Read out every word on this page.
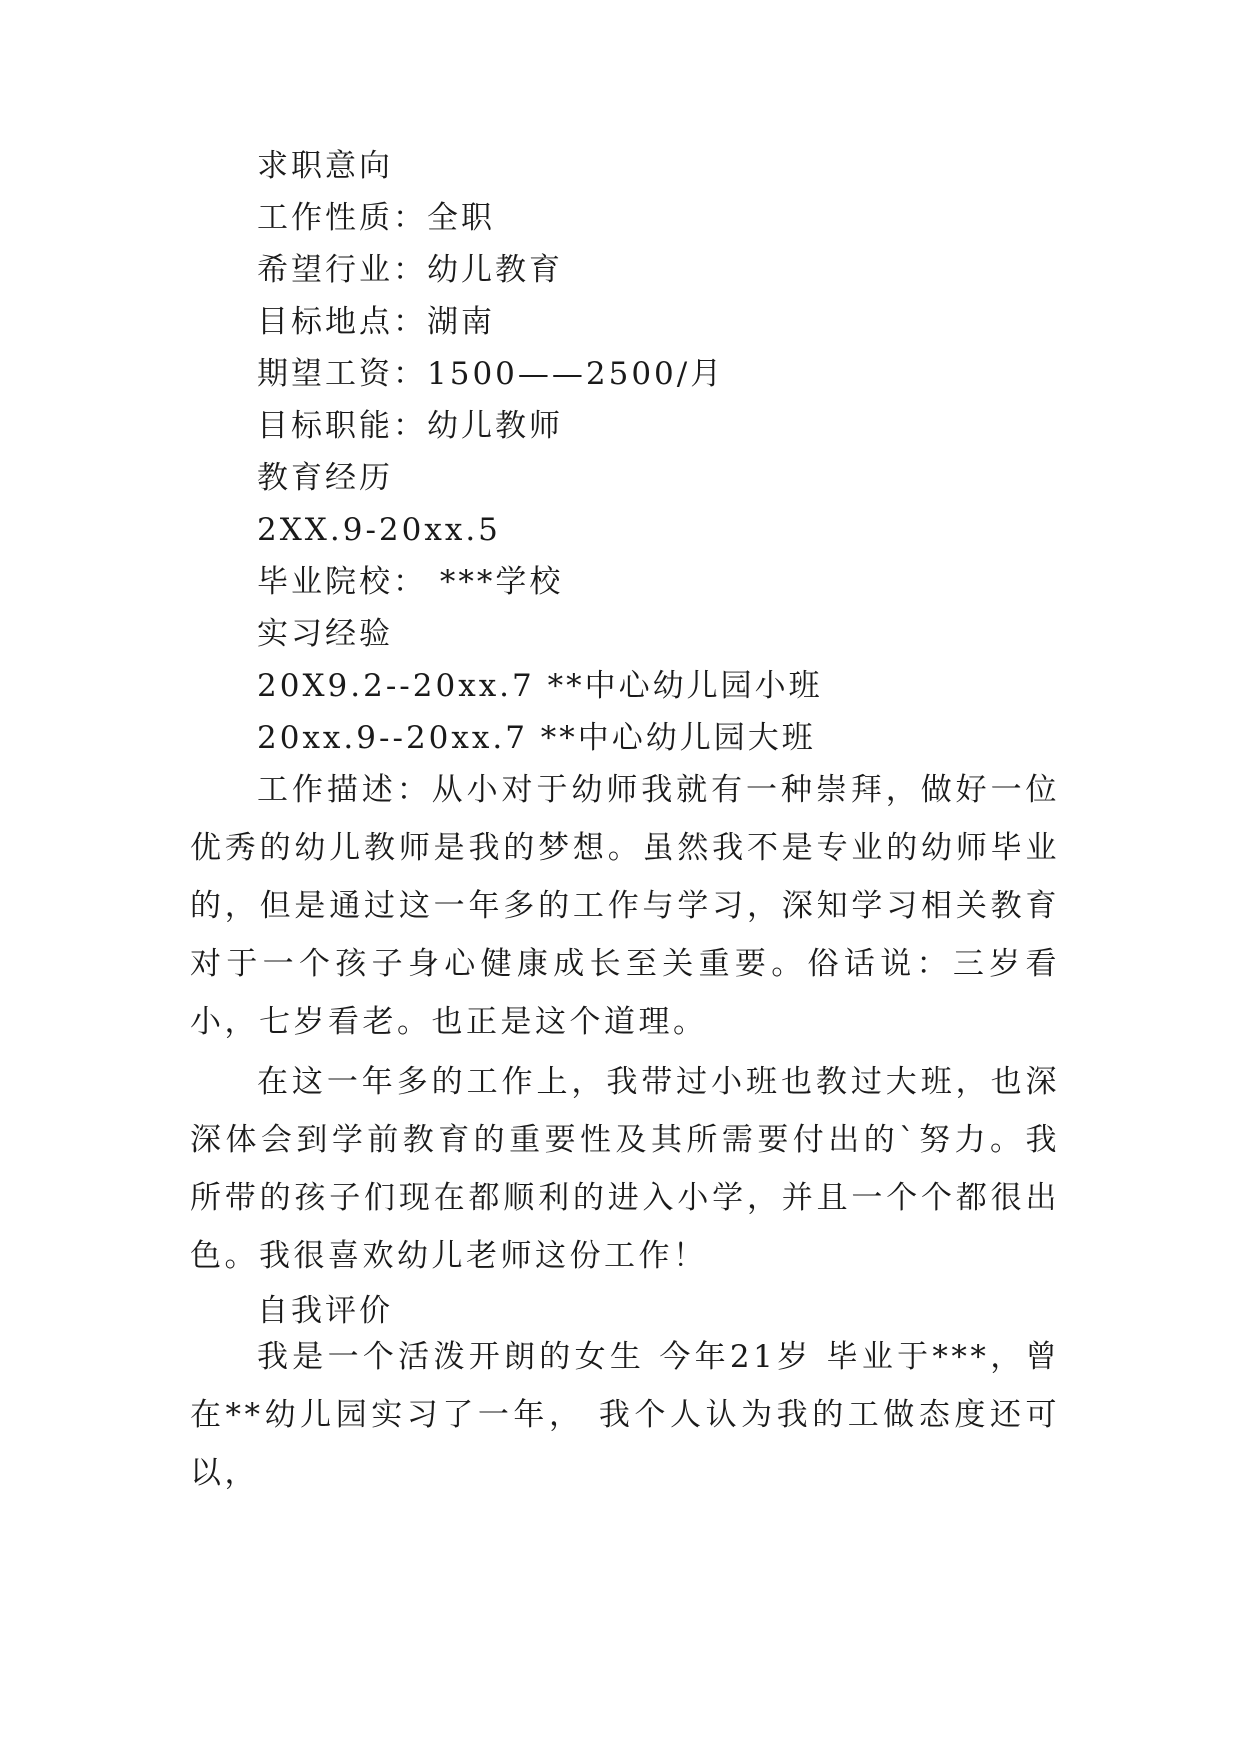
求职意向
工作性质：全职
希望行业：幼儿教育
目标地点：湖南
期望工资：1500——2500/月
目标职能：幼儿教师
教育经历
2XX.9-20xx.5
毕业院校： ***学校
实习经验
20X9.2--20xx.7 **中心幼儿园小班
20xx.9--20xx.7 **中心幼儿园大班

工作描述：从小对于幼师我就有一种崇拜，做好一位优秀的幼儿教师是我的梦想。虽然我不是专业的幼师毕业的，但是通过这一年多的工作与学习，深知学习相关教育对于一个孩子身心健康成长至关重要。俗话说：三岁看小，七岁看老。也正是这个道理。

在这一年多的工作上，我带过小班也教过大班，也深深体会到学前教育的重要性及其所需要付出的`努力。我所带的孩子们现在都顺利的进入小学，并且一个个都很出色。我很喜欢幼儿老师这份工作！

自我评价

我是一个活泼开朗的女生 今年21岁 毕业于***，曾在**幼儿园实习了一年， 我个人认为我的工做态度还可以，
